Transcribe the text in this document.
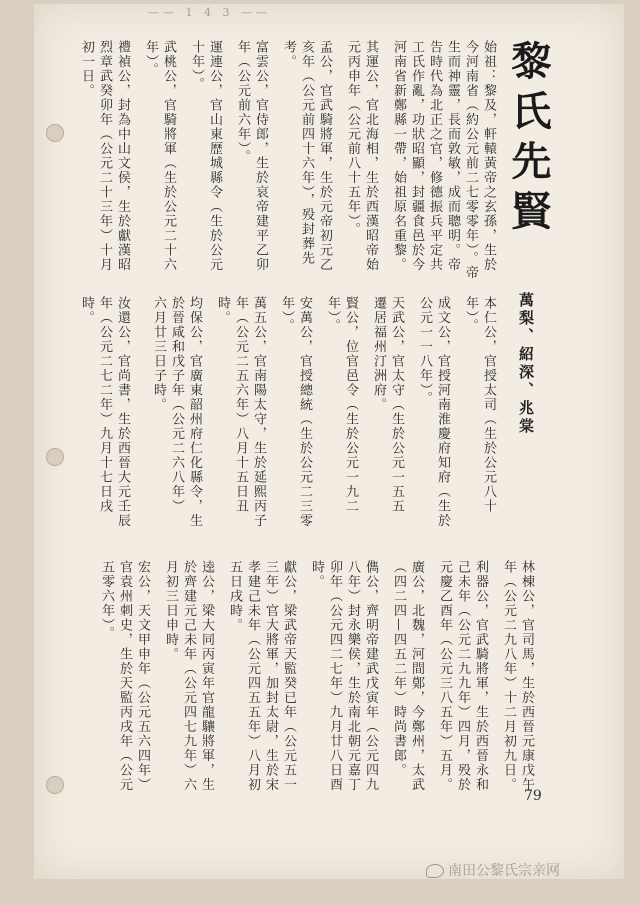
—— 1 4 3 ——
黎氏先賢
萬梨、紹深、兆棠
始祖：黎及，軒轅黃帝之玄孫，生於
今河南省（約公元前二七零零年）。帝
生而神靈，長而敦敏，成而聰明。帝
告時代為北正之官，修德振兵平定共
工氏作亂，功狀昭顯，封疆食邑於今
河南省新鄭縣一帶，始祖原名重黎。
其運公，官北海相，生於西漢昭帝始
元丙申年（公元前八十五年）。
孟公，官武騎將軍，生於元帝初元乙
亥年（公元前四十六年），殁封葬先
考。
富雲公，官侍郎，生於哀帝建平乙卯
年（公元前六年）。
運連公，官山東歷城縣令（生於公元
十年）。
武桃公，官騎將軍（生於公元二十六
年）。
禮禎公，封為中山文侯，生於獻漢昭
烈章武癸卯年（公元二十三年）十月
初一日。
本仁公，官授太司（生於公元八十
年）。
成文公，官授河南淮慶府知府（生於
公元一一八年）。
天武公，官太守（生於公元一五五
遷居福州汀洲府。
賢公，位官邑令（生於公元一九二
年）。
安萬公，官授總統（生於公元二三零
年）。
萬五公，官南陽太守，生於延熙丙子
年（公元二五六年）八月十五日丑
時。
均保公，官廣東韶州府仁化縣令，生
於晉咸和戊子年（公元二六八年）
六月廿三日子時。
汝還公，官尚書，生於西晉大元壬辰
年（公元二七二年）九月十七日戌
時。
林棟公，官司馬，生於西晉元康戊午
年（公元二九八年）十二月初九日。
利器公，官武騎將軍，生於西晉永和
己未年（公元二九九年）四月，殁於
元慶乙酉年（公元三八五年）五月。
廣公，北魏，河間鄚，今鄭州，太武
（四二四—四五二年）時尚書郎。
儁公，齊明帝建武戊寅年（公元四九
八年）封永樂侯，生於南北朝元嘉丁
卯年（公元四二七年）九月廿八日酉
時。
獻公，梁武帝天監癸已年（公元五一
三年）官大將軍，加封太尉，生於宋
孝建己未年（公元四五五年）八月初
五日戌時。
逵公，梁大同丙寅年官龍驤將軍，生
於齊建元己未年（公元四七九年）六
月初三日申時。
宏公，天文甲申年（公元五六四年）
官袁州刺史，生於天監丙戌年（公元
五零六年）。
79
南田公黎氏宗亲网
